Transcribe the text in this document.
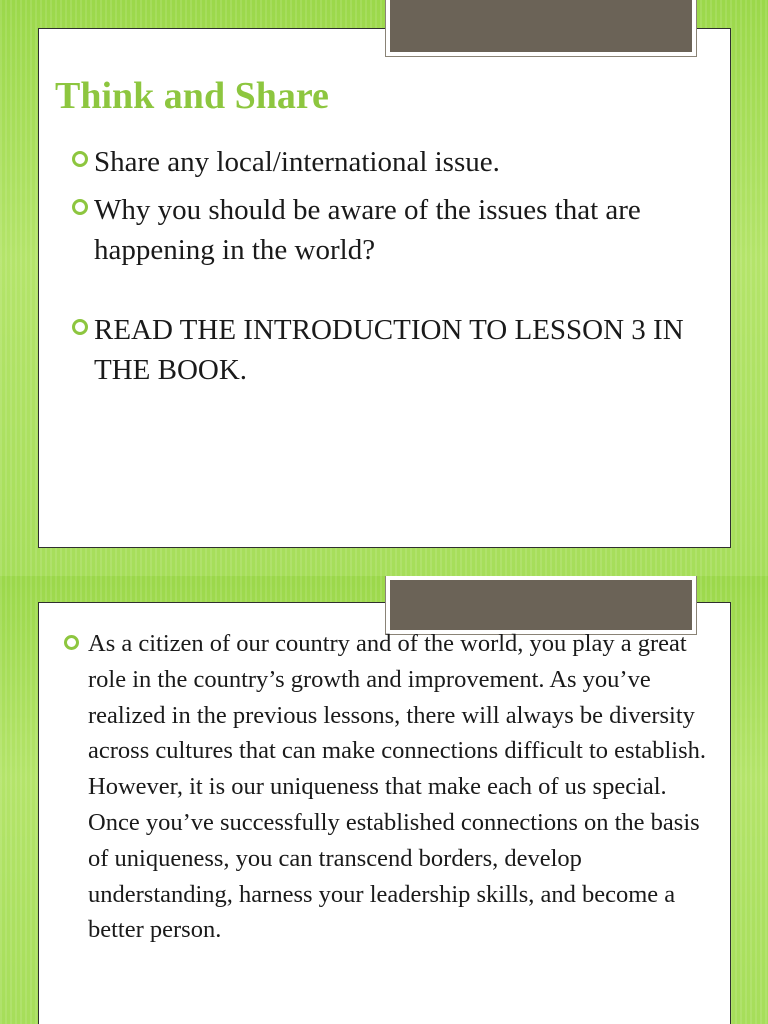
Think and Share
Share any local/international issue.
Why you should be aware of the issues that are happening in the world?
READ THE INTRODUCTION TO LESSON 3 IN THE BOOK.
As a citizen of our country and of the world, you play a great role in the country’s growth and improvement. As you’ve realized in the previous lessons, there will always be diversity across cultures that can make connections difficult to establish. However, it is our uniqueness that make each of us special. Once you’ve successfully established connections on the basis of uniqueness, you can transcend borders, develop understanding, harness your leadership skills, and become a better person.
